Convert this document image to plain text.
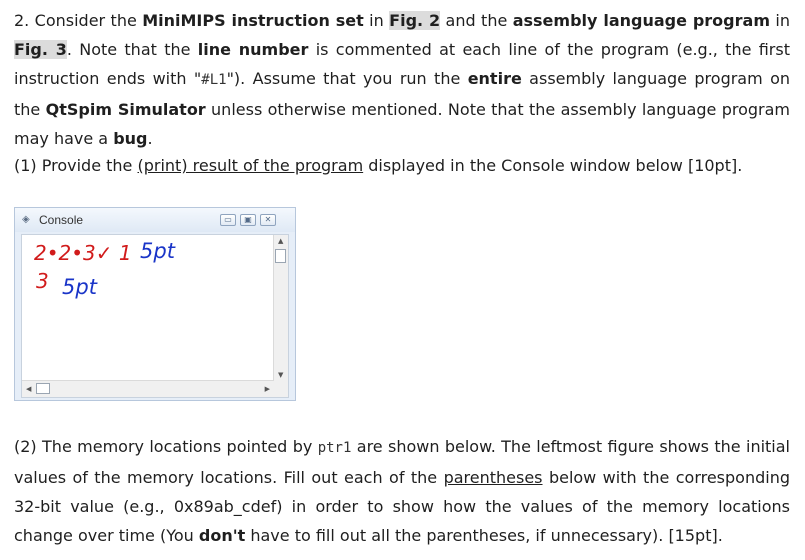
2. Consider the MiniMIPS instruction set in Fig. 2 and the assembly language program in Fig. 3. Note that the line number is commented at each line of the program (e.g., the first instruction ends with "#L1"). Assume that you run the entire assembly language program on the QtSpim Simulator unless otherwise mentioned. Note that the assembly language program may have a bug.
(1) Provide the (print) result of the program displayed in the Console window below [10pt].
◈ Console	▭	▣	✕
2•2•3✓ 1 5pt
3 5pt
▲
▼
◀	▶
(2) The memory locations pointed by ptr1 are shown below. The leftmost figure shows the initial values of the memory locations. Fill out each of the parentheses below with the corresponding 32-bit value (e.g., 0x89ab_cdef) in order to show how the values of the memory locations change over time (You don't have to fill out all the parentheses, if unnecessary). [15pt].
